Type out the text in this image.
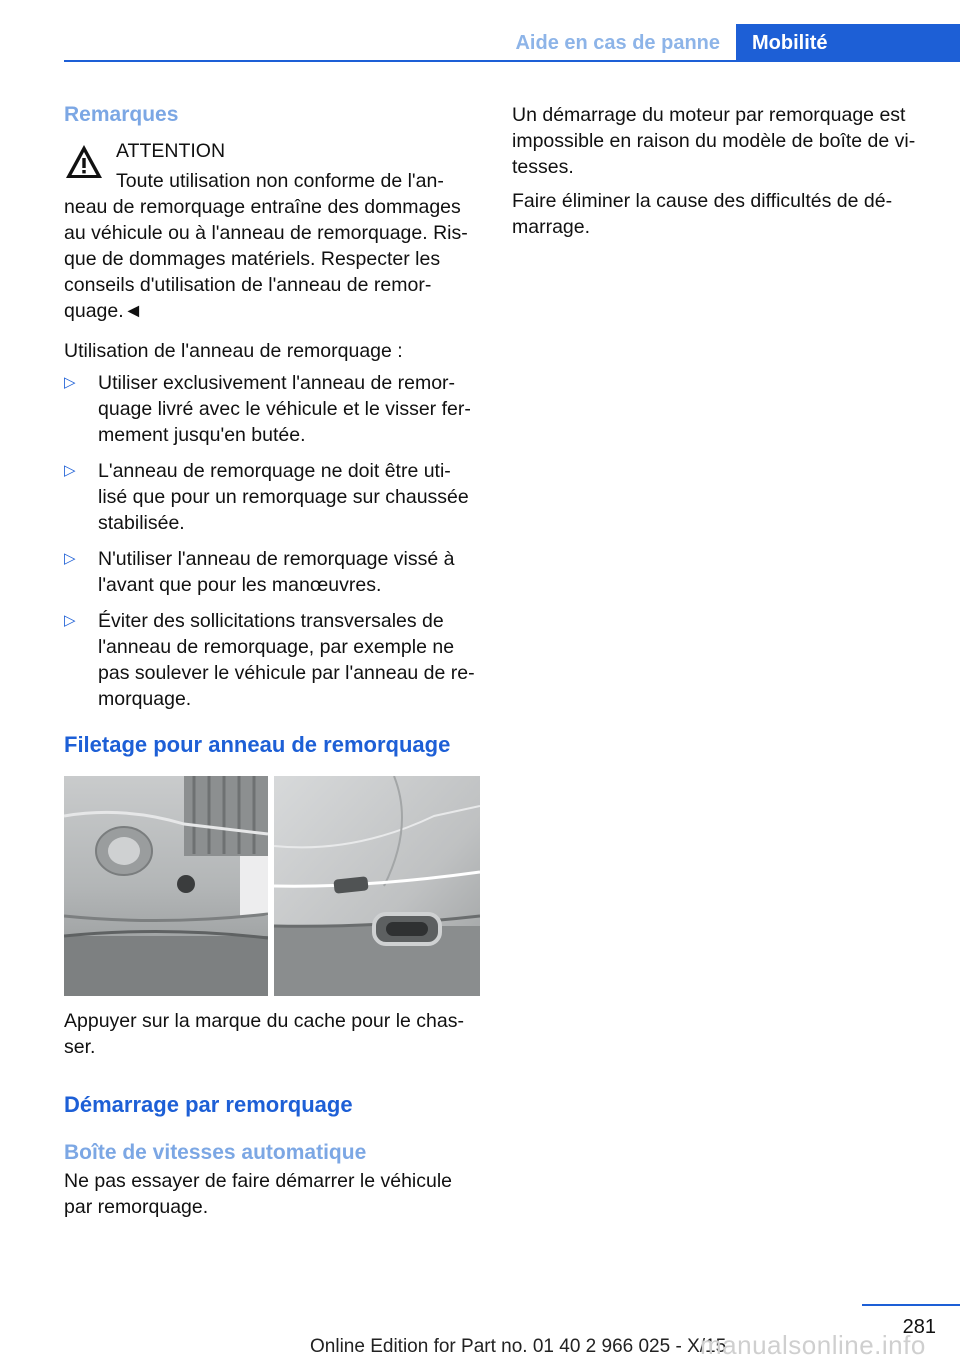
Aide en cas de panne	Mobilité
Remarques

ATTENTION

Toute utilisation non conforme de l'an-

neau de remorquage entraîne des dommages

au véhicule ou à l'anneau de remorquage. Ris-

que de dommages matériels. Respecter les

conseils d'utilisation de l'anneau de remor-

quage.◄

Utilisation de l'anneau de remorquage :

▷ Utiliser exclusivement l'anneau de remor-
quage livré avec le véhicule et le visser fer-
mement jusqu'en butée.
▷ L'anneau de remorquage ne doit être uti-
lisé que pour un remorquage sur chaussée
stabilisée.
▷ N'utiliser l'anneau de remorquage vissé à
l'avant que pour les manœuvres.
▷ Éviter des sollicitations transversales de
l'anneau de remorquage, par exemple ne
pas soulever le véhicule par l'anneau de re-
morquage.
Filetage pour anneau de remorquage

Appuyer sur la marque du cache pour le chas-

ser.

Démarrage par remorquage
Boîte de vitesses automatique

Ne pas essayer de faire démarrer le véhicule

par remorquage.

Un démarrage du moteur par remorquage est

impossible en raison du modèle de boîte de vi-

tesses.

Faire éliminer la cause des difficultés de dé-

marrage.

281
Online Edition for Part no. 01 40 2 966 025 - X/15
manualsonline.info
